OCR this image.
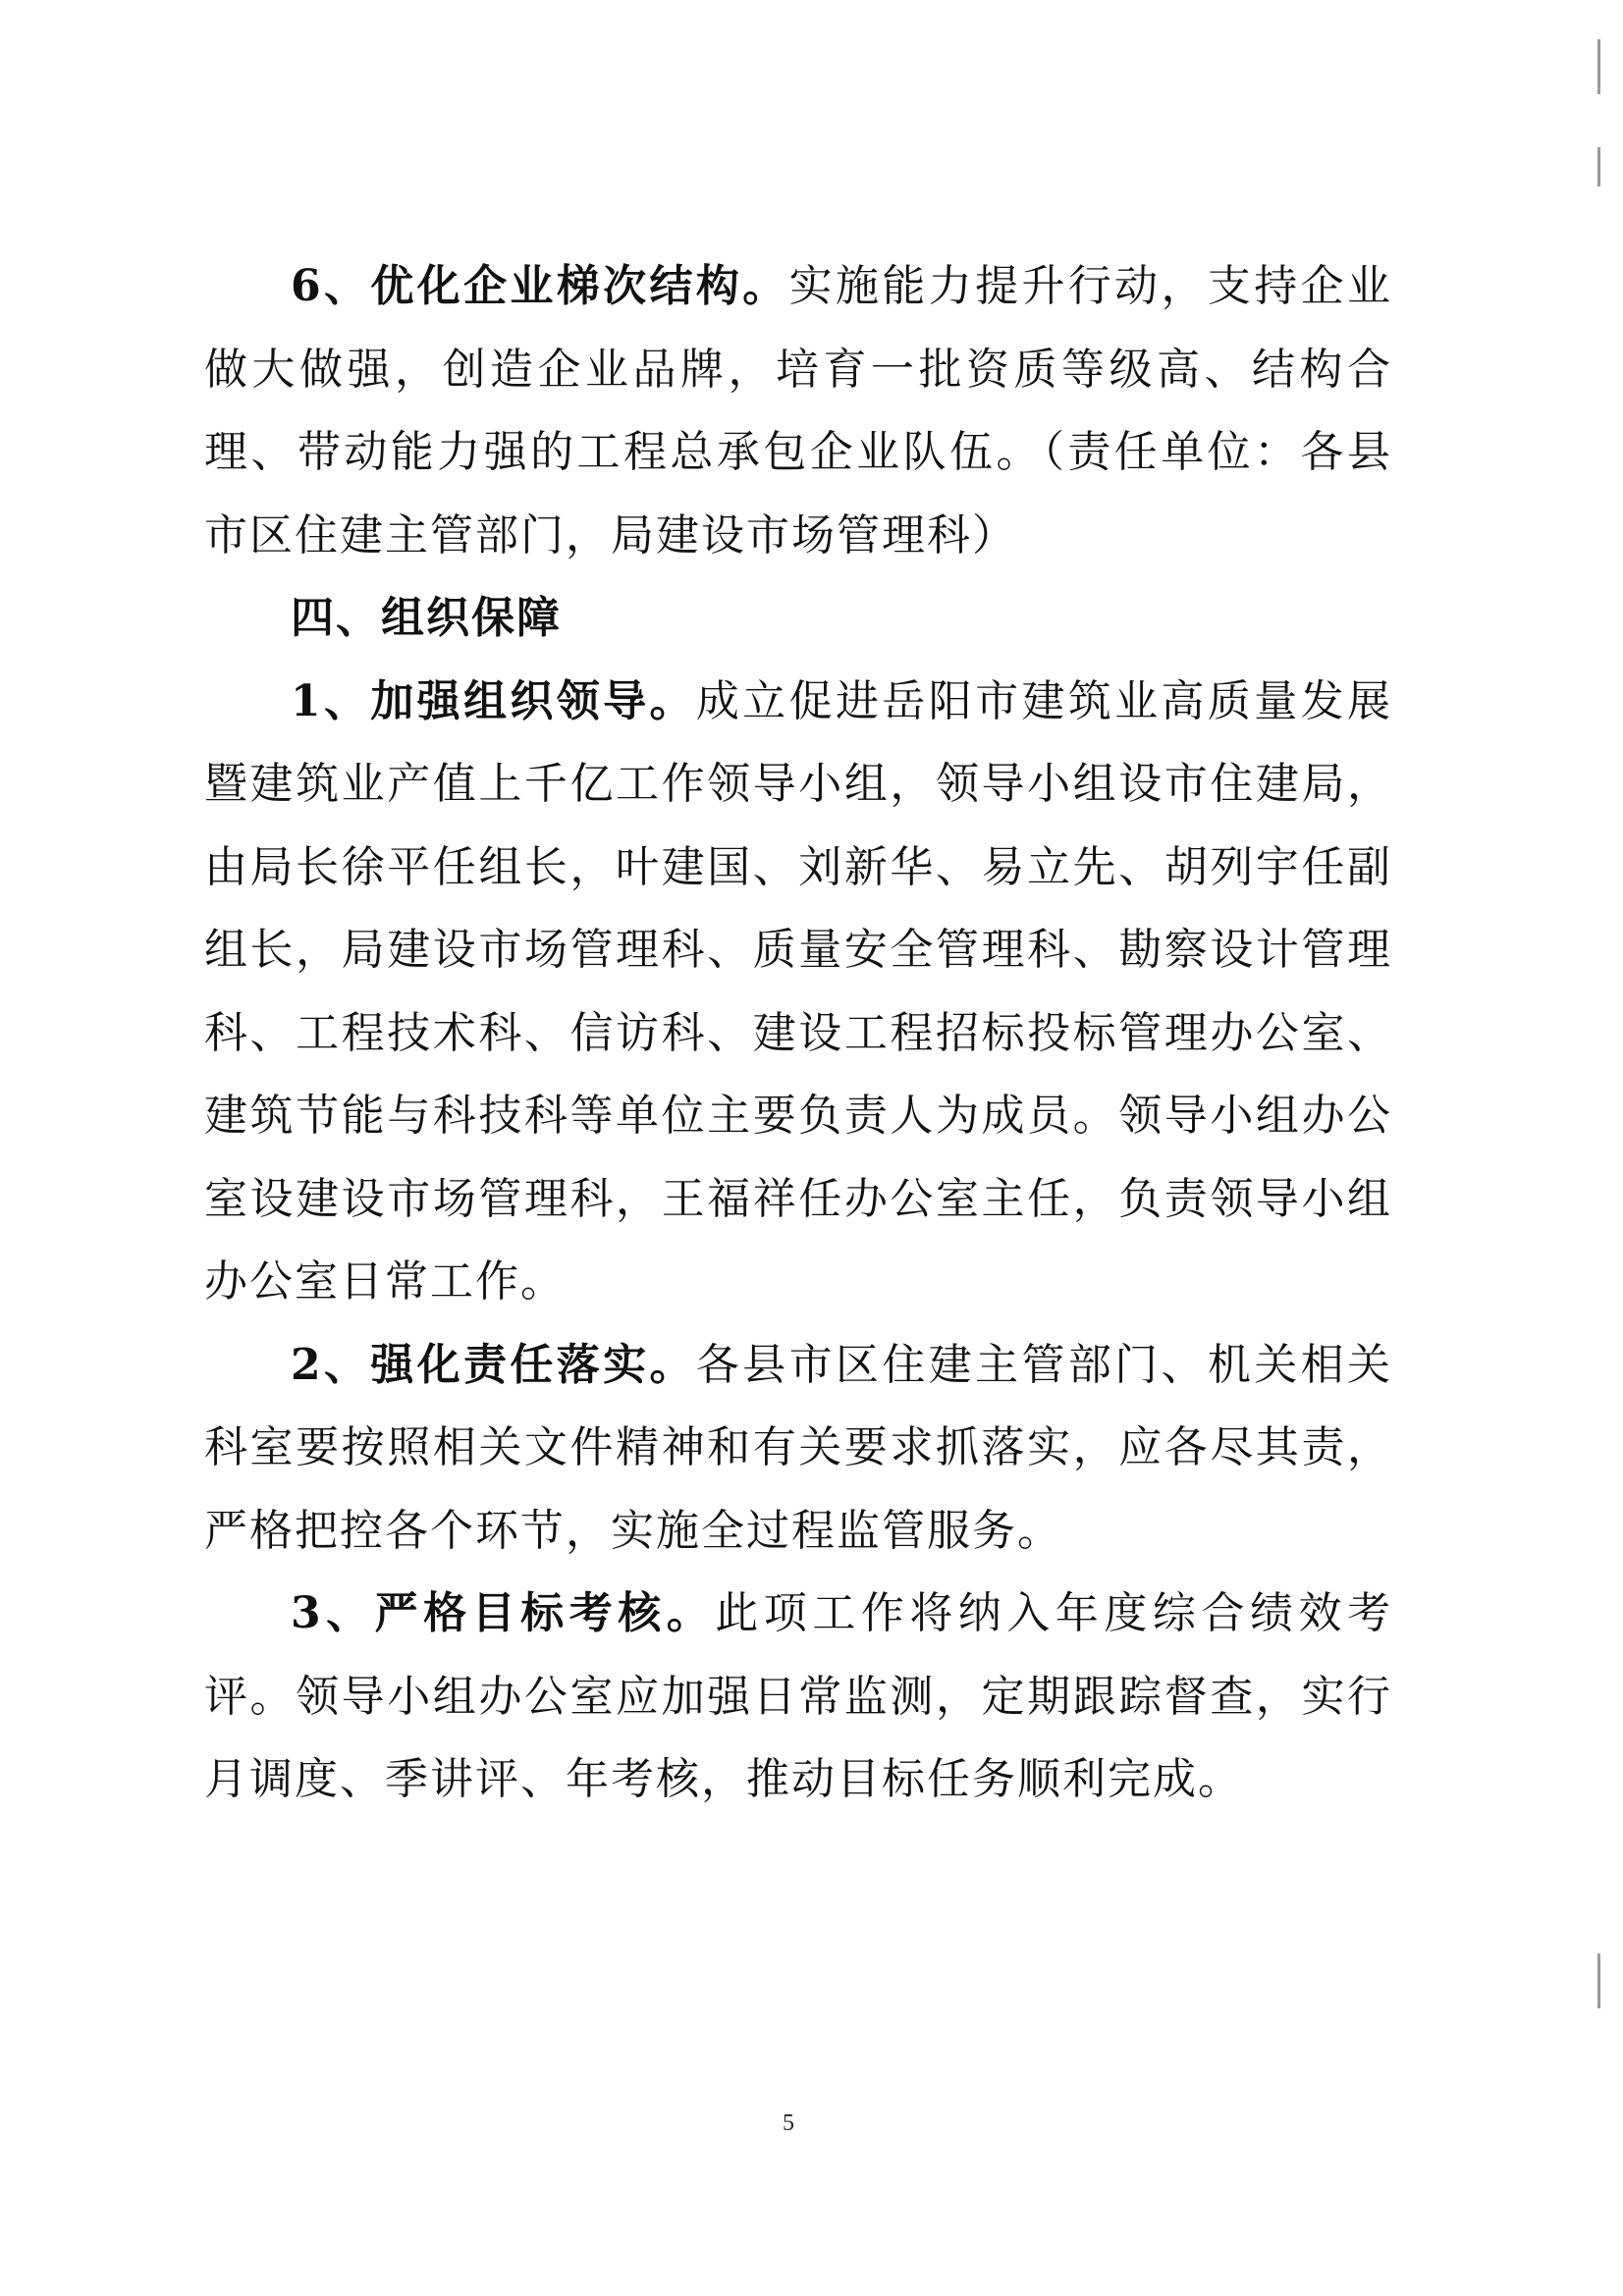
6、优化企业梯次结构。实施能力提升行动，支持企业做大做强，创造企业品牌，培育一批资质等级高、结构合理、带动能力强的工程总承包企业队伍。（责任单位：各县市区住建主管部门，局建设市场管理科）

四、组织保障

1、加强组织领导。成立促进岳阳市建筑业高质量发展暨建筑业产值上千亿工作领导小组，领导小组设市住建局，由局长徐平任组长，叶建国、刘新华、易立先、胡列宇任副组长，局建设市场管理科、质量安全管理科、勘察设计管理科、工程技术科、信访科、建设工程招标投标管理办公室、建筑节能与科技科等单位主要负责人为成员。领导小组办公室设建设市场管理科，王福祥任办公室主任，负责领导小组办公室日常工作。

2、强化责任落实。各县市区住建主管部门、机关相关科室要按照相关文件精神和有关要求抓落实，应各尽其责，严格把控各个环节，实施全过程监管服务。

3、严格目标考核。此项工作将纳入年度综合绩效考评。领导小组办公室应加强日常监测，定期跟踪督查，实行月调度、季讲评、年考核，推动目标任务顺利完成。

5
